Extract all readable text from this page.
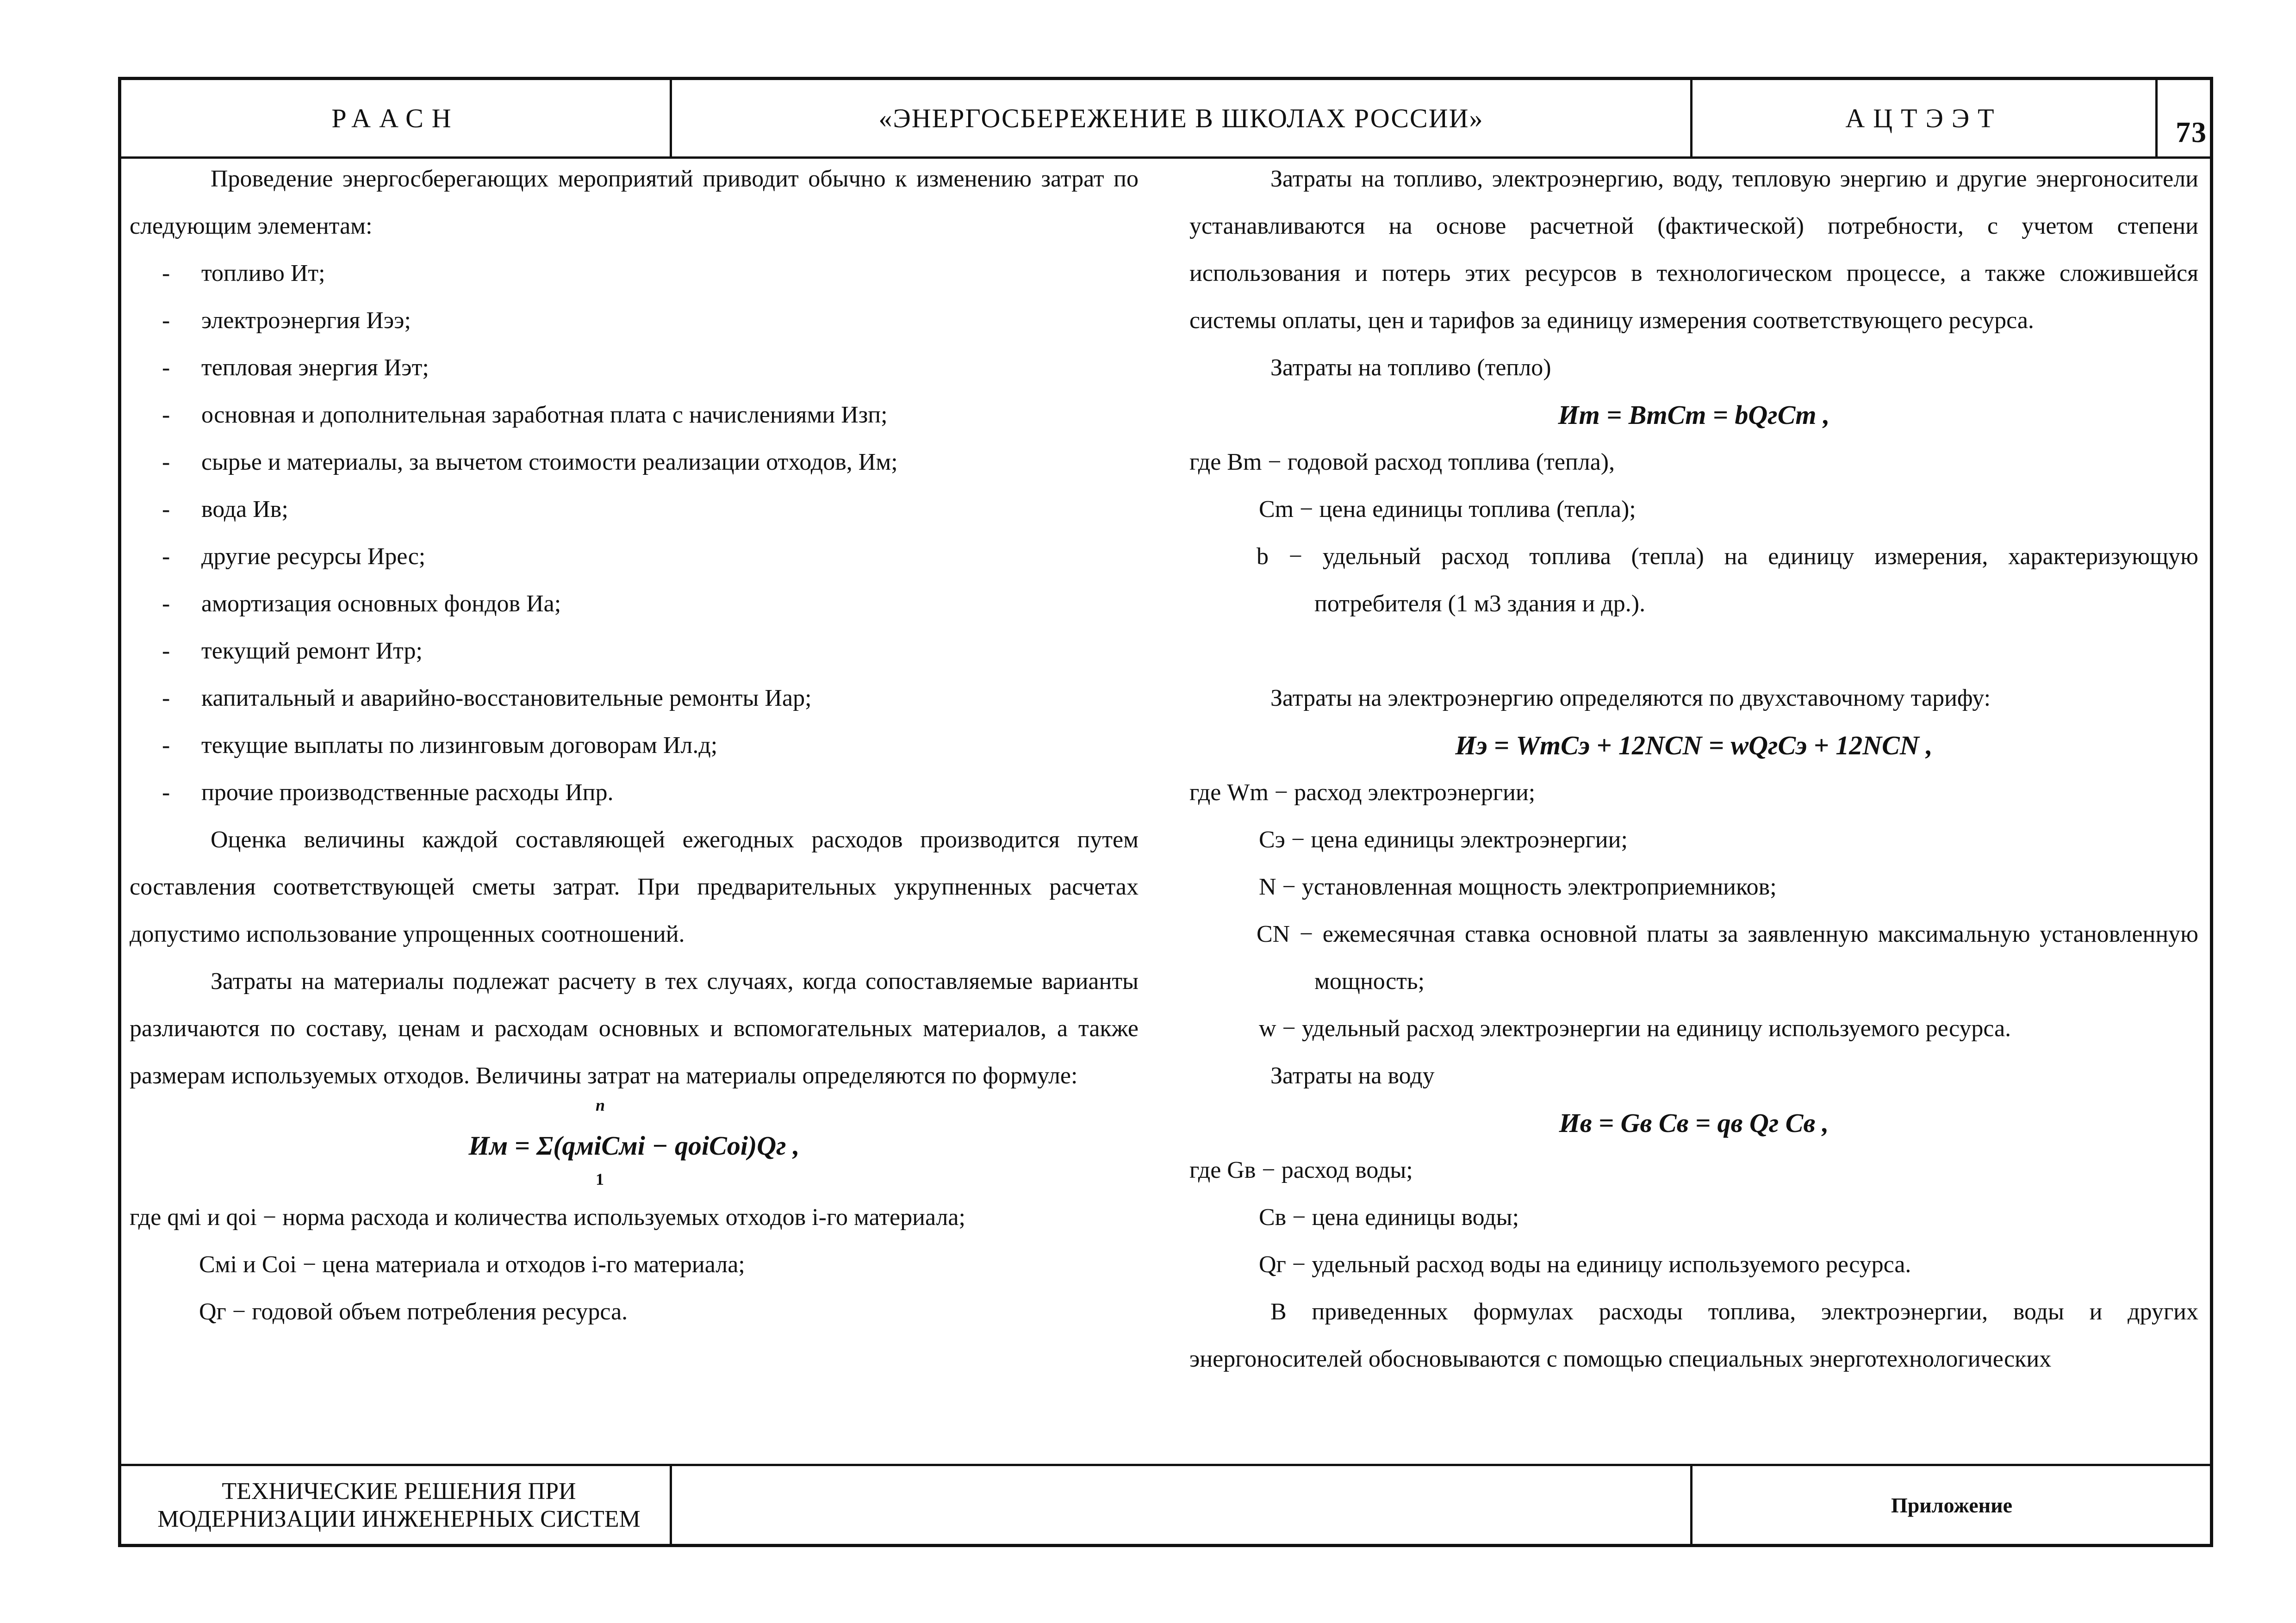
РААСН	«ЭНЕРГОСБЕРЕЖЕНИЕ В ШКОЛАХ РОССИИ»	АЦТЭЭТ	73
ТЕХНИЧЕСКИЕ РЕШЕНИЯ ПРИ МОДЕРНИЗАЦИИ ИНЖЕНЕРНЫХ СИСТЕМ
Приложение

Проведение энергосберегающих мероприятий приводит обычно к изменению затрат по следующим элементам:

-	топливо Ит;
-	электроэнергия Иээ;
-	тепловая энергия Иэт;
-	основная и дополнительная заработная плата с начислениями Изп;
-	сырье и материалы, за вычетом стоимости реализации отходов, Им;
-	вода Ив;
-	другие ресурсы Ирес;
-	амортизация основных фондов Иа;
-	текущий ремонт Итр;
-	капитальный и аварийно-восстановительные ремонты Иар;
-	текущие выплаты по лизинговым договорам Ил.д;
-	прочие производственные расходы Ипр.

Оценка величины каждой составляющей ежегодных расходов производится путем составления соответствующей сметы затрат. При предварительных укрупненных расчетах допустимо использование упрощенных соотношений.

Затраты на материалы подлежат расчету в тех случаях, когда сопоставляемые варианты различаются по составу, ценам и расходам основных и вспомогательных материалов, а также размерам используемых отходов. Величины затрат на материалы определяются по формуле:

n
Им = Σ(qмiCмi − qoiCoi)Qг ,
1

где qмi и qoi − норма расхода и количества используемых отходов i-го материала;

Cмi и Coi − цена материала и отходов i-го материала;

Qг − годовой объем потребления ресурса.

Затраты на топливо, электроэнергию, воду, тепловую энергию и другие энергоносители устанавливаются на основе расчетной (фактической) потребности, с учетом степени использования и потерь этих ресурсов в технологическом процессе, а также сложившейся системы оплаты, цен и тарифов за единицу измерения соответствующего ресурса.

Затраты на топливо (тепло)

Иm = BmCm = bQгCm ,

где Bm − годовой расход топлива (тепла),

Cm − цена единицы топлива (тепла);

b − удельный расход топлива (тепла) на единицу измерения, характеризующую потребителя (1 м3 здания и др.).

Затраты на электроэнергию определяются по двухставочному тарифу:

Иэ = WmCэ + 12NCN = wQгCэ + 12NCN ,

где Wm − расход электроэнергии;

Cэ − цена единицы электроэнергии;

N − установленная мощность электроприемников;

CN − ежемесячная ставка основной платы за заявленную максимальную установленную мощность;

w − удельный расход электроэнергии на единицу используемого ресурса.

Затраты на воду

Ив = Gв Cв = qв Qг Cв ,

где Gв − расход воды;

Cв − цена единицы воды;

Qг − удельный расход воды на единицу используемого ресурса.

В приведенных формулах расходы топлива, электроэнергии, воды и других энергоносителей обосновываются с помощью специальных энерготехнологических
